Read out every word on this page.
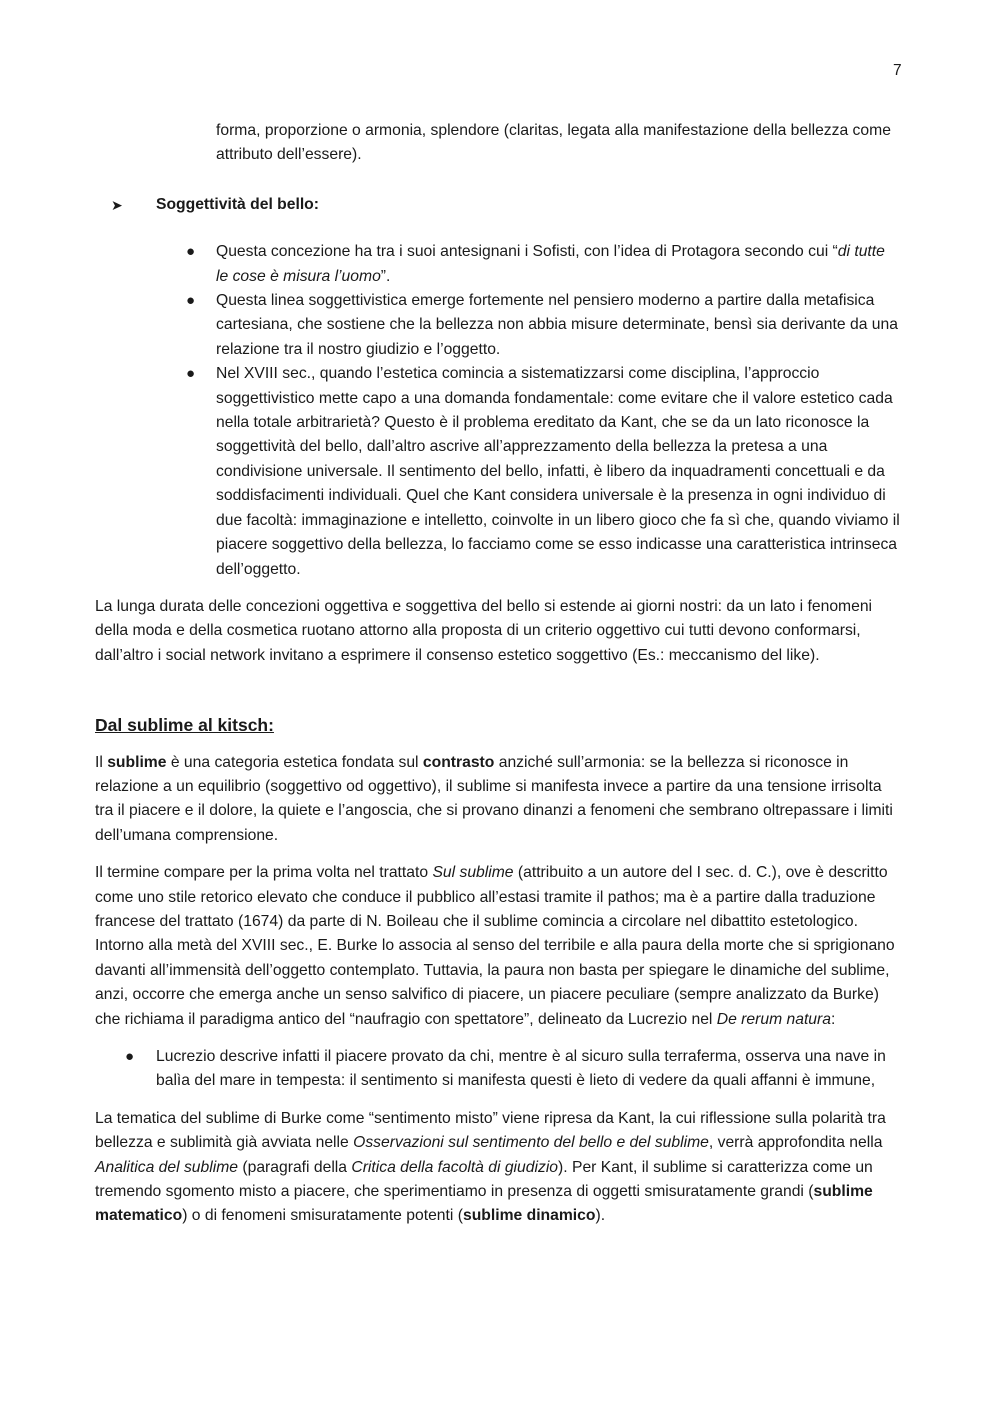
7

forma, proporzione o armonia, splendore (claritas, legata alla manifestazione della bellezza come attributo dell’essere).

➤ Soggettività del bello:
● Questa concezione ha tra i suoi antesignani i Sofisti, con l’idea di Protagora secondo cui “di tutte le cose è misura l’uomo”.
● Questa linea soggettivistica emerge fortemente nel pensiero moderno a partire dalla metafisica cartesiana, che sostiene che la bellezza non abbia misure determinate, bensì sia derivante da una relazione tra il nostro giudizio e l’oggetto.
● Nel XVIII sec., quando l’estetica comincia a sistematizzarsi come disciplina, l’approccio soggettivistico mette capo a una domanda fondamentale: come evitare che il valore estetico cada nella totale arbitrarietà? Questo è il problema ereditato da Kant, che se da un lato riconosce la soggettività del bello, dall’altro ascrive all’apprezzamento della bellezza la pretesa a una condivisione universale. Il sentimento del bello, infatti, è libero da inquadramenti concettuali e da soddisfacimenti individuali. Quel che Kant considera universale è la presenza in ogni individuo di due facoltà: immaginazione e intelletto, coinvolte in un libero gioco che fa sì che, quando viviamo il piacere soggettivo della bellezza, lo facciamo come se esso indicasse una caratteristica intrinseca dell’oggetto.

La lunga durata delle concezioni oggettiva e soggettiva del bello si estende ai giorni nostri: da un lato i fenomeni della moda e della cosmetica ruotano attorno alla proposta di un criterio oggettivo cui tutti devono conformarsi, dall’altro i social network invitano a esprimere il consenso estetico soggettivo (Es.: meccanismo del like).

Dal sublime al kitsch:

Il sublime è una categoria estetica fondata sul contrasto anziché sull’armonia: se la bellezza si riconosce in relazione a un equilibrio (soggettivo od oggettivo), il sublime si manifesta invece a partire da una tensione irrisolta tra il piacere e il dolore, la quiete e l’angoscia, che si provano dinanzi a fenomeni che sembrano oltrepassare i limiti dell’umana comprensione.

Il termine compare per la prima volta nel trattato Sul sublime (attribuito a un autore del I sec. d. C.), ove è descritto come uno stile retorico elevato che conduce il pubblico all’estasi tramite il pathos; ma è a partire dalla traduzione francese del trattato (1674) da parte di N. Boileau che il sublime comincia a circolare nel dibattito estetologico. Intorno alla metà del XVIII sec., E. Burke lo associa al senso del terribile e alla paura della morte che si sprigionano davanti all’immensità dell’oggetto contemplato. Tuttavia, la paura non basta per spiegare le dinamiche del sublime, anzi, occorre che emerga anche un senso salvifico di piacere, un piacere peculiare (sempre analizzato da Burke) che richiama il paradigma antico del “naufragio con spettatore”, delineato da Lucrezio nel De rerum natura:

● Lucrezio descrive infatti il piacere provato da chi, mentre è al sicuro sulla terraferma, osserva una nave in balìa del mare in tempesta: il sentimento si manifesta questi è lieto di vedere da quali affanni è immune,

La tematica del sublime di Burke come “sentimento misto” viene ripresa da Kant, la cui riflessione sulla polarità tra bellezza e sublimità già avviata nelle Osservazioni sul sentimento del bello e del sublime, verrà approfondita nella Analitica del sublime (paragrafi della Critica della facoltà di giudizio). Per Kant, il sublime si caratterizza come un tremendo sgomento misto a piacere, che sperimentiamo in presenza di oggetti smisuratamente grandi (sublime matematico) o di fenomeni smisuratamente potenti (sublime dinamico).
